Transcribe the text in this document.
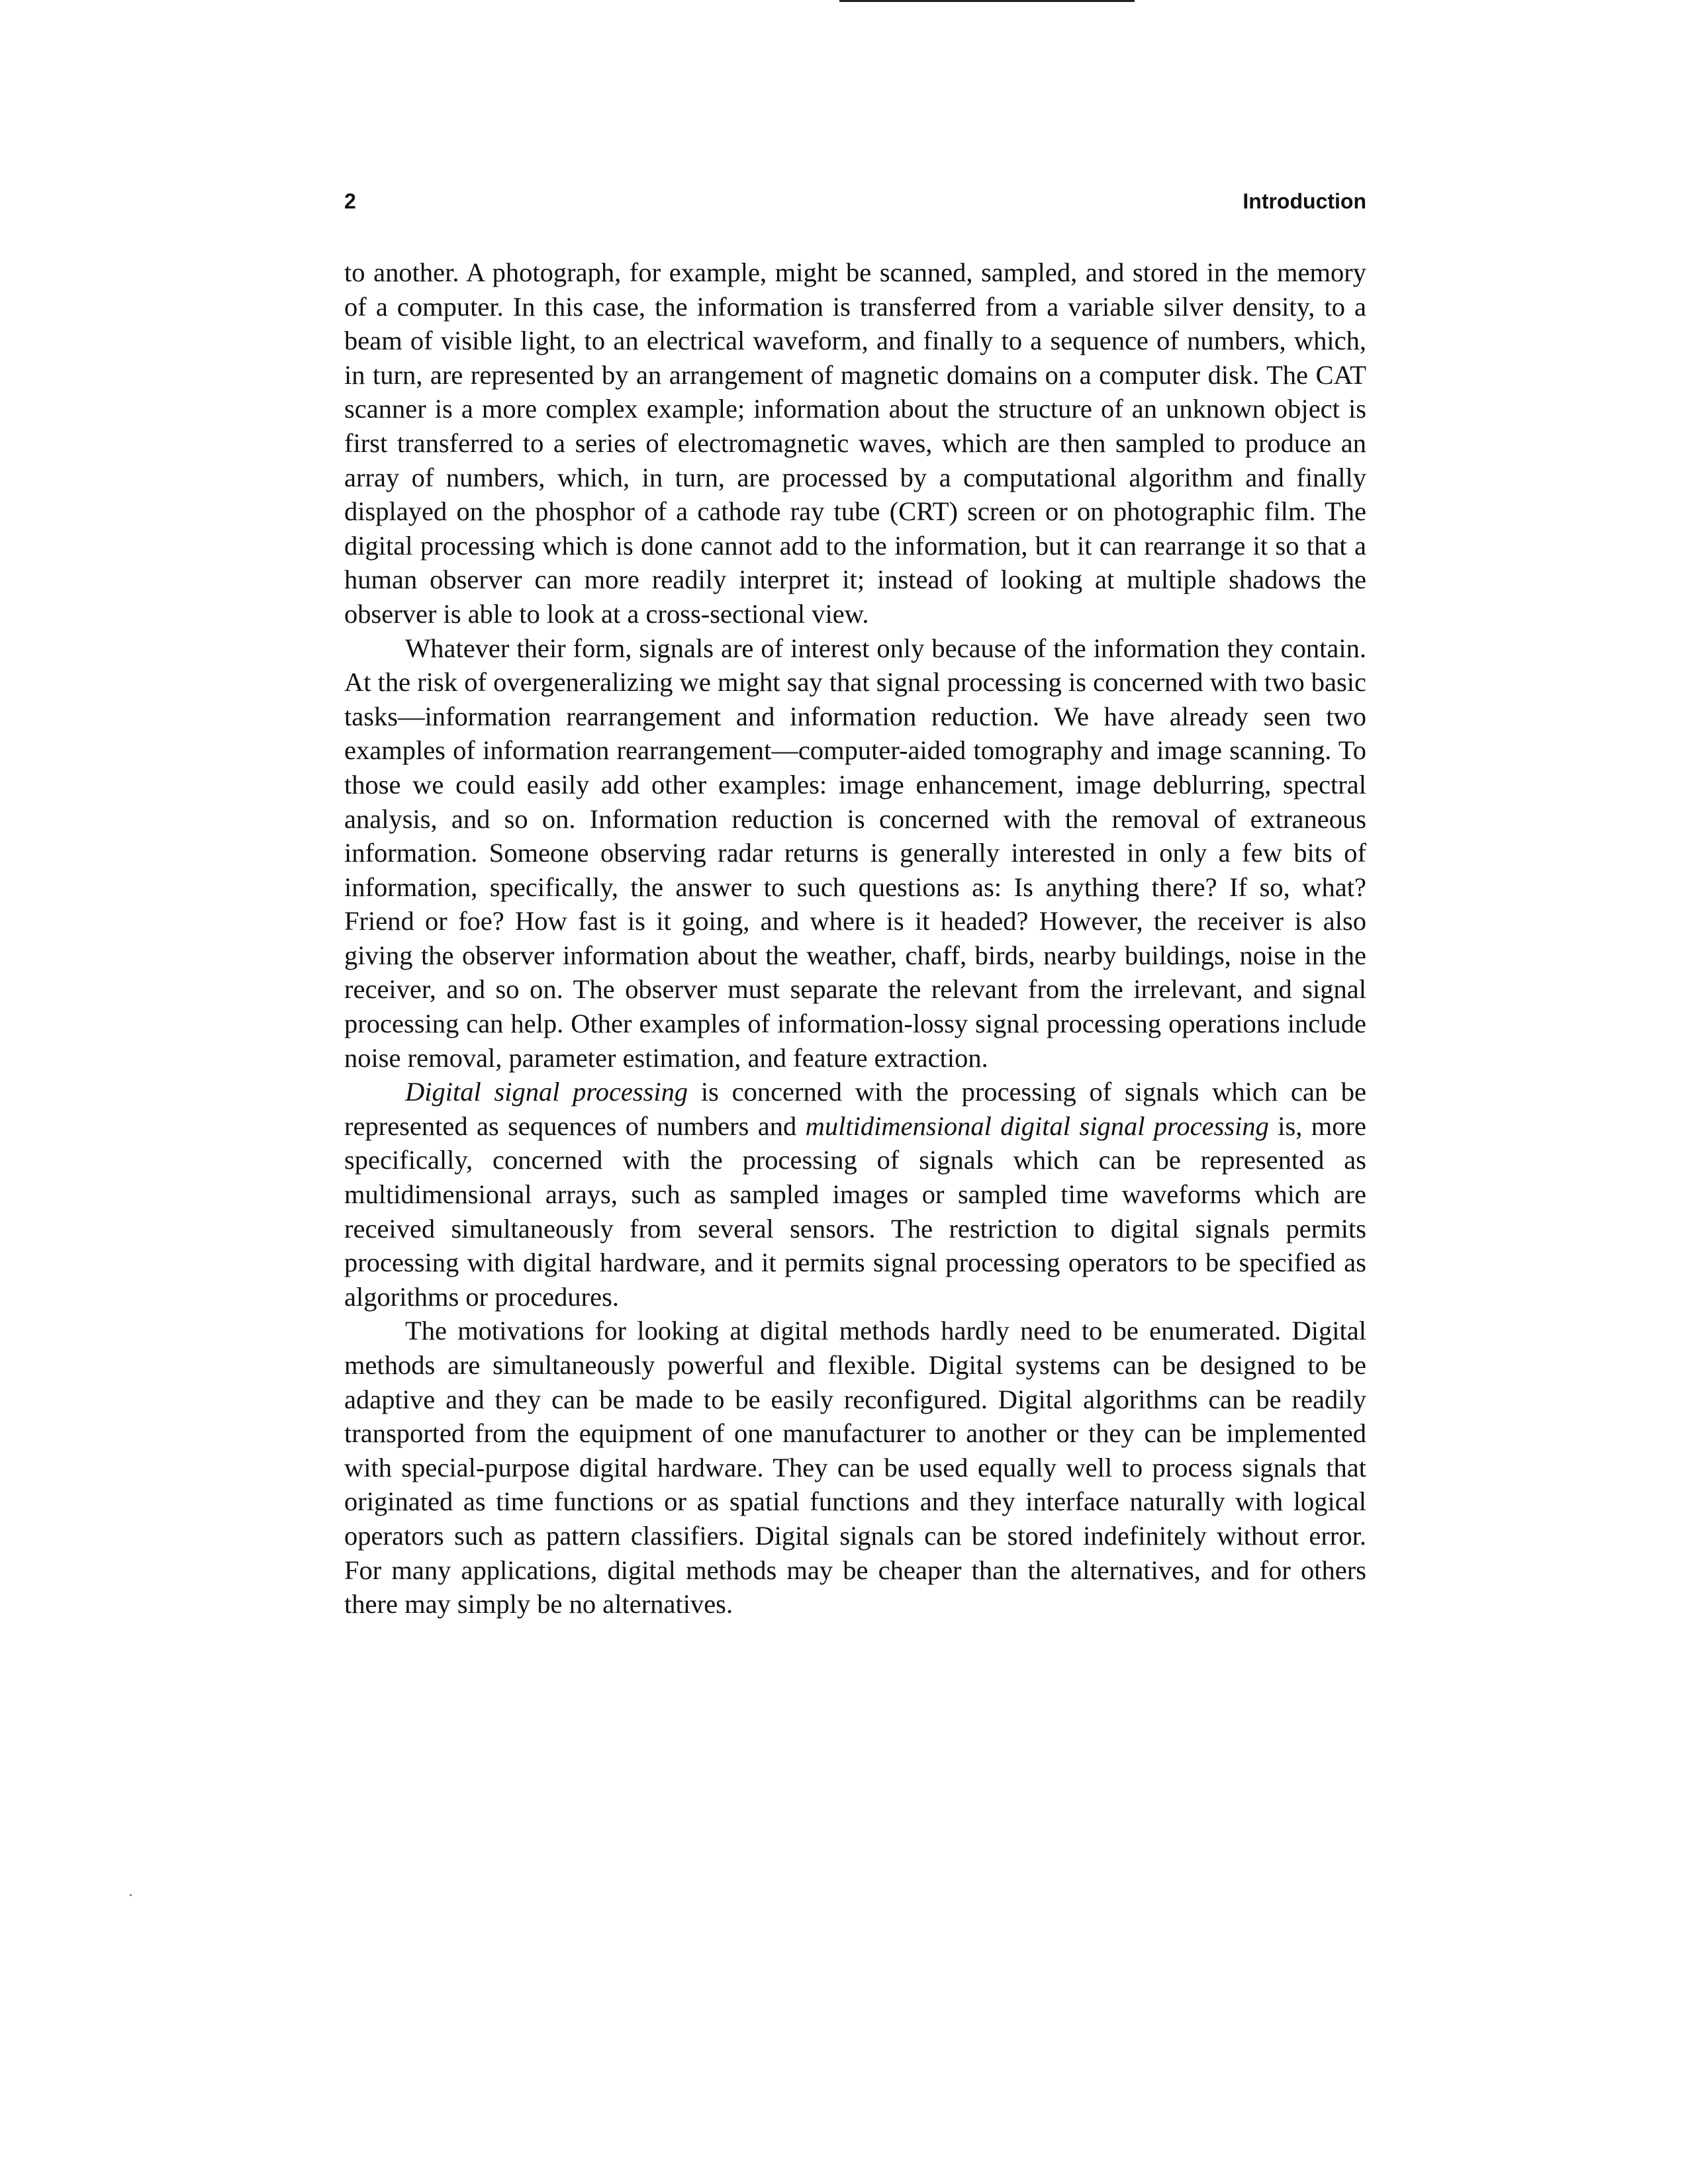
2	Introduction

to another. A photograph, for example, might be scanned, sampled, and stored in the memory of a computer. In this case, the information is transferred from a variable silver density, to a beam of visible light, to an electrical waveform, and finally to a sequence of numbers, which, in turn, are represented by an arrangement of magnetic domains on a computer disk. The CAT scanner is a more complex example; information about the structure of an unknown object is first transferred to a series of electromagnetic waves, which are then sampled to produce an array of numbers, which, in turn, are processed by a computational algorithm and finally displayed on the phosphor of a cathode ray tube (CRT) screen or on photographic film. The digital processing which is done cannot add to the information, but it can rearrange it so that a human observer can more readily interpret it; instead of looking at multiple shadows the observer is able to look at a cross-sectional view.

Whatever their form, signals are of interest only because of the information they contain. At the risk of overgeneralizing we might say that signal processing is concerned with two basic tasks—information rearrangement and information reduction. We have already seen two examples of information rearrangement—computer-aided tomography and image scanning. To those we could easily add other examples: image enhancement, image deblurring, spectral analysis, and so on. Information reduction is concerned with the removal of extraneous information. Someone observing radar returns is generally interested in only a few bits of information, specifically, the answer to such questions as: Is anything there? If so, what? Friend or foe? How fast is it going, and where is it headed? However, the receiver is also giving the observer information about the weather, chaff, birds, nearby buildings, noise in the receiver, and so on. The observer must separate the relevant from the irrelevant, and signal processing can help. Other examples of information-lossy signal processing operations include noise removal, parameter estimation, and feature extraction.

Digital signal processing is concerned with the processing of signals which can be represented as sequences of numbers and multidimensional digital signal processing is, more specifically, concerned with the processing of signals which can be represented as multidimensional arrays, such as sampled images or sampled time waveforms which are received simultaneously from several sensors. The restriction to digital signals permits processing with digital hardware, and it permits signal processing operators to be specified as algorithms or procedures.

The motivations for looking at digital methods hardly need to be enumerated. Digital methods are simultaneously powerful and flexible. Digital systems can be designed to be adaptive and they can be made to be easily reconfigured. Digital algorithms can be readily transported from the equipment of one manufacturer to another or they can be implemented with special-purpose digital hardware. They can be used equally well to process signals that originated as time functions or as spatial functions and they interface naturally with logical operators such as pattern classifiers. Digital signals can be stored indefinitely without error. For many applications, digital methods may be cheaper than the alternatives, and for others there may simply be no alternatives.
